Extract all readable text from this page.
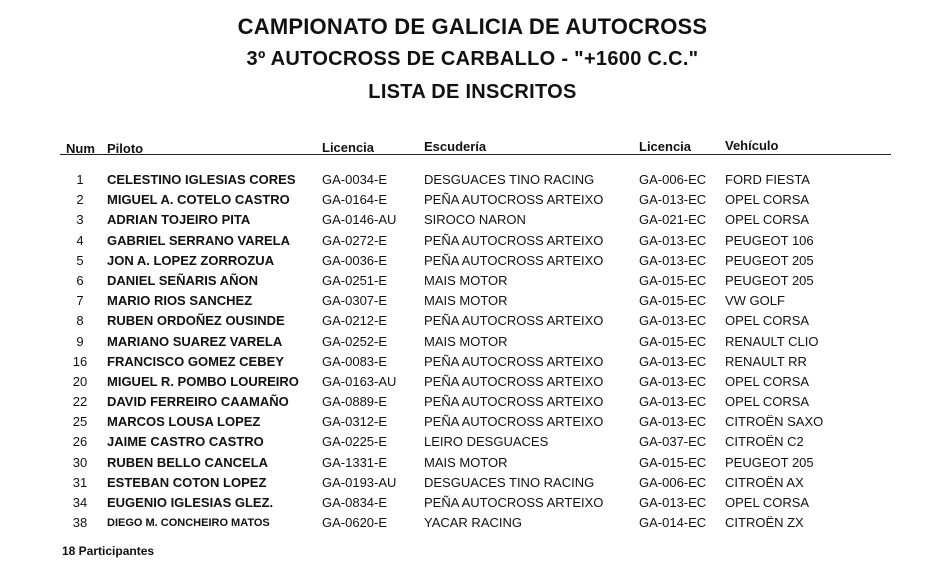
CAMPIONATO DE GALICIA DE AUTOCROSS
3º AUTOCROSS DE CARBALLO - "+1600 C.C."
LISTA DE INSCRITOS
Num Piloto	Licencia	Escudería	Licencia	Vehículo
1	CELESTINO IGLESIAS CORES GA-0034-E	DESGUACES TINO RACING	GA-006-EC FORD FIESTA
2	MIGUEL A. COTELO CASTRO GA-0164-E	PEÑA AUTOCROSS ARTEIXO	GA-013-EC OPEL CORSA
3	ADRIAN TOJEIRO PITA	GA-0146-AU SIROCO NARON	GA-021-EC OPEL CORSA
4	GABRIEL SERRANO VARELA GA-0272-E	PEÑA AUTOCROSS ARTEIXO	GA-013-EC PEUGEOT 106
5	JON A. LOPEZ ZORROZUA	GA-0036-E	PEÑA AUTOCROSS ARTEIXO	GA-013-EC PEUGEOT 205
6	DANIEL SEÑARIS AÑON	GA-0251-E	MAIS MOTOR	GA-015-EC PEUGEOT 205
7	MARIO RIOS SANCHEZ	GA-0307-E	MAIS MOTOR	GA-015-EC VW GOLF
8	RUBEN ORDOÑEZ OUSINDE	GA-0212-E	PEÑA AUTOCROSS ARTEIXO	GA-013-EC OPEL CORSA
9	MARIANO SUAREZ VARELA	GA-0252-E	MAIS MOTOR	GA-015-EC RENAULT CLIO
16	FRANCISCO GOMEZ CEBEY	GA-0083-E	PEÑA AUTOCROSS ARTEIXO	GA-013-EC RENAULT RR
20	MIGUEL R. POMBO LOUREIRO GA-0163-AU PEÑA AUTOCROSS ARTEIXO	GA-013-EC OPEL CORSA
22	DAVID FERREIRO CAAMAÑO	GA-0889-E	PEÑA AUTOCROSS ARTEIXO	GA-013-EC OPEL CORSA
25	MARCOS LOUSA LOPEZ	GA-0312-E	PEÑA AUTOCROSS ARTEIXO	GA-013-EC CITROËN SAXO
26	JAIME CASTRO CASTRO	GA-0225-E	LEIRO DESGUACES	GA-037-EC CITROËN C2
30	RUBEN BELLO CANCELA	GA-1331-E	MAIS MOTOR	GA-015-EC PEUGEOT 205
31	ESTEBAN COTON LOPEZ	GA-0193-AU DESGUACES TINO RACING	GA-006-EC CITROËN AX
34	EUGENIO IGLESIAS GLEZ.	GA-0834-E	PEÑA AUTOCROSS ARTEIXO	GA-013-EC OPEL CORSA
38	DIEGO M. CONCHEIRO MATOS	GA-0620-E	YACAR RACING	GA-014-EC CITROËN ZX
18 Participantes
